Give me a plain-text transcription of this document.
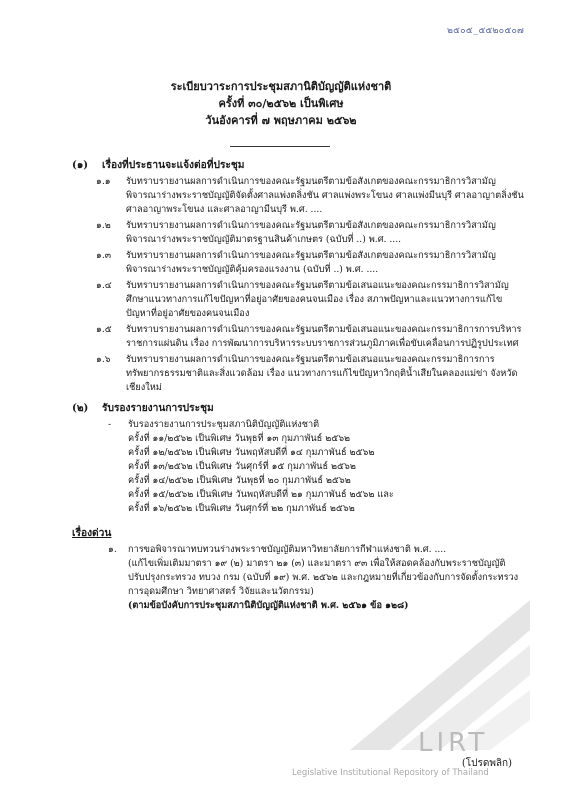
๒๕๐๕_๕๕๒๐๕๐๗
ระเบียบวาระการประชุมสภานิติบัญญัติแห่งชาติ
ครั้งที่ ๓๐/๒๕๖๒ เป็นพิเศษ
วันอังคารที่ ๗ พฤษภาคม ๒๕๖๒
(๑)	เรื่องที่ประธานจะแจ้งต่อที่ประชุม
๑.๑	รับทราบรายงานผลการดำเนินการของคณะรัฐมนตรีตามข้อสังเกตของคณะกรรมาธิการวิสามัญพิจารณาร่างพระราชบัญญัติจัดตั้งศาลแพ่งตลิ่งชัน ศาลแพ่งพระโขนง ศาลแพ่งมีนบุรี ศาลอาญาตลิ่งชัน ศาลอาญาพระโขนง และศาลอาญามีนบุรี พ.ศ. ....
๑.๒	รับทราบรายงานผลการดำเนินการของคณะรัฐมนตรีตามข้อสังเกตของคณะกรรมาธิการวิสามัญพิจารณาร่างพระราชบัญญัติมาตรฐานสินค้าเกษตร (ฉบับที่ ..) พ.ศ. ....
๑.๓	รับทราบรายงานผลการดำเนินการของคณะรัฐมนตรีตามข้อสังเกตของคณะกรรมาธิการวิสามัญพิจารณาร่างพระราชบัญญัติคุ้มครองแรงงาน (ฉบับที่ ..) พ.ศ. ....
๑.๔	รับทราบรายงานผลการดำเนินการของคณะรัฐมนตรีตามข้อเสนอแนะของคณะกรรมาธิการวิสามัญศึกษาแนวทางการแก้ไขปัญหาที่อยู่อาศัยของคนจนเมือง เรื่อง สภาพปัญหาและแนวทางการแก้ไขปัญหาที่อยู่อาศัยของคนจนเมือง
๑.๕	รับทราบรายงานผลการดำเนินการของคณะรัฐมนตรีตามข้อเสนอแนะของคณะกรรมาธิการการบริหารราชการแผ่นดิน เรื่อง การพัฒนาการบริหารระบบราชการส่วนภูมิภาคเพื่อขับเคลื่อนการปฏิรูปประเทศ
๑.๖	รับทราบรายงานผลการดำเนินการของคณะรัฐมนตรีตามข้อเสนอแนะของคณะกรรมาธิการการทรัพยากรธรรมชาติและสิ่งแวดล้อม เรื่อง แนวทางการแก้ไขปัญหาวิกฤติน้ำเสียในคลองแม่ข่า จังหวัดเชียงใหม่
(๒)	รับรองรายงานการประชุม
-	รับรองรายงานการประชุมสภานิติบัญญัติแห่งชาติ
ครั้งที่ ๑๑/๒๕๖๒ เป็นพิเศษ วันพุธที่ ๑๓ กุมภาพันธ์ ๒๕๖๒
ครั้งที่ ๑๒/๒๕๖๒ เป็นพิเศษ วันพฤหัสบดีที่ ๑๔ กุมภาพันธ์ ๒๕๖๒
ครั้งที่ ๑๓/๒๕๖๒ เป็นพิเศษ วันศุกร์ที่ ๑๕ กุมภาพันธ์ ๒๕๖๒
ครั้งที่ ๑๔/๒๕๖๒ เป็นพิเศษ วันพุธที่ ๒๐ กุมภาพันธ์ ๒๕๖๒
ครั้งที่ ๑๕/๒๕๖๒ เป็นพิเศษ วันพฤหัสบดีที่ ๒๑ กุมภาพันธ์ ๒๕๖๒ และ
ครั้งที่ ๑๖/๒๕๖๒ เป็นพิเศษ วันศุกร์ที่ ๒๒ กุมภาพันธ์ ๒๕๖๒
เรื่องด่วน
๑.	การขอพิจารณาทบทวนร่างพระราชบัญญัติมหาวิทยาลัยการกีฬาแห่งชาติ พ.ศ. ....
(แก้ไขเพิ่มเติมมาตรา ๑๙ (๒) มาตรา ๒๑ (๓) และมาตรา ๙๓ เพื่อให้สอดคล้องกับพระราชบัญญัติปรับปรุงกระทรวง ทบวง กรม (ฉบับที่ ๑๙) พ.ศ. ๒๕๖๒ และกฎหมายที่เกี่ยวข้องกับการจัดตั้งกระทรวงการอุดมศึกษา วิทยาศาสตร์ วิจัยและนวัตกรรม)
(ตามข้อบังคับการประชุมสภานิติบัญญัติแห่งชาติ พ.ศ. ๒๕๖๑ ข้อ ๑๒๘)
LIRT
Legislative Institutional Repository of Thailand
(โปรดพลิก)
